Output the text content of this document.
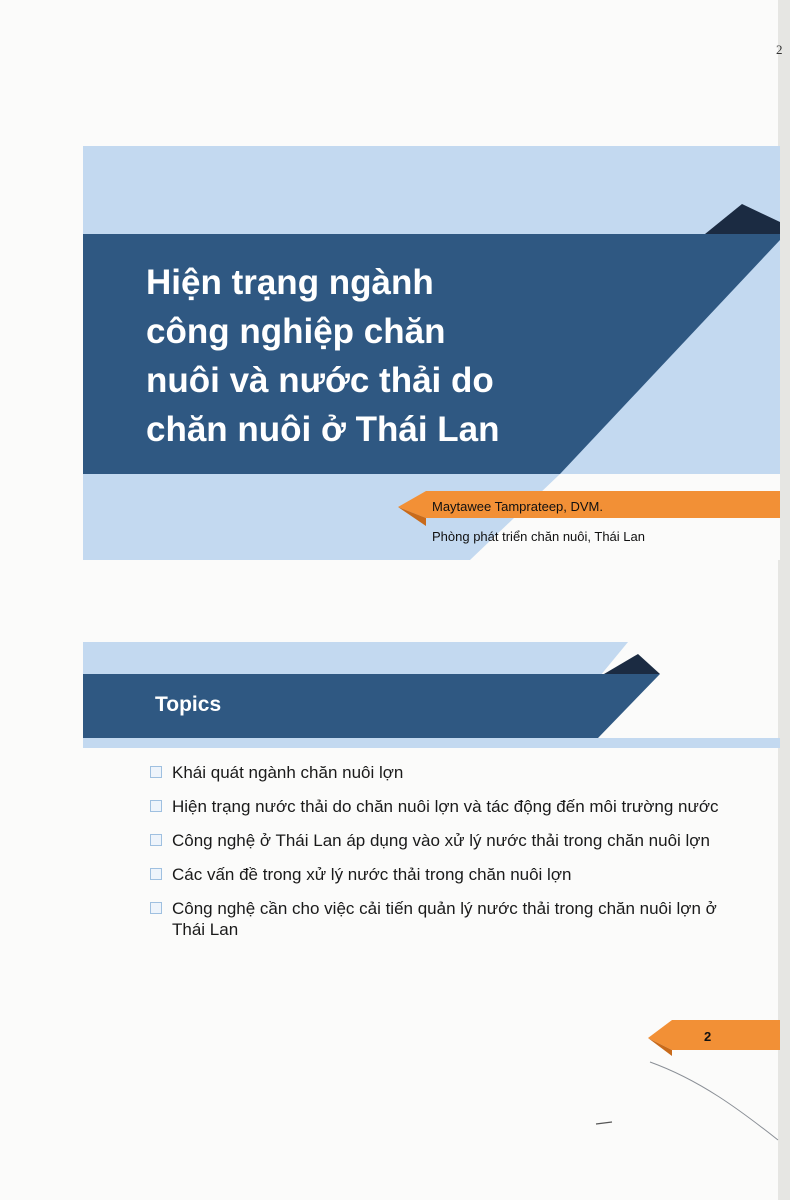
2
Hiện trạng ngành
công nghiệp chăn
nuôi và nước thải do
chăn nuôi ở Thái Lan
Maytawee Tamprateep, DVM.
Phòng phát triển chăn nuôi, Thái Lan
Topics
Khái quát ngành chăn nuôi lợn
Hiện trạng nước thải do chăn nuôi lợn và tác động đến môi trường nước
Công nghệ ở Thái Lan áp dụng vào xử lý nước thải trong chăn nuôi lợn
Các vấn đề trong xử lý nước thải trong chăn nuôi lợn
Công nghệ cần cho việc cải tiến quản lý nước thải trong chăn nuôi lợn ở Thái Lan
2
